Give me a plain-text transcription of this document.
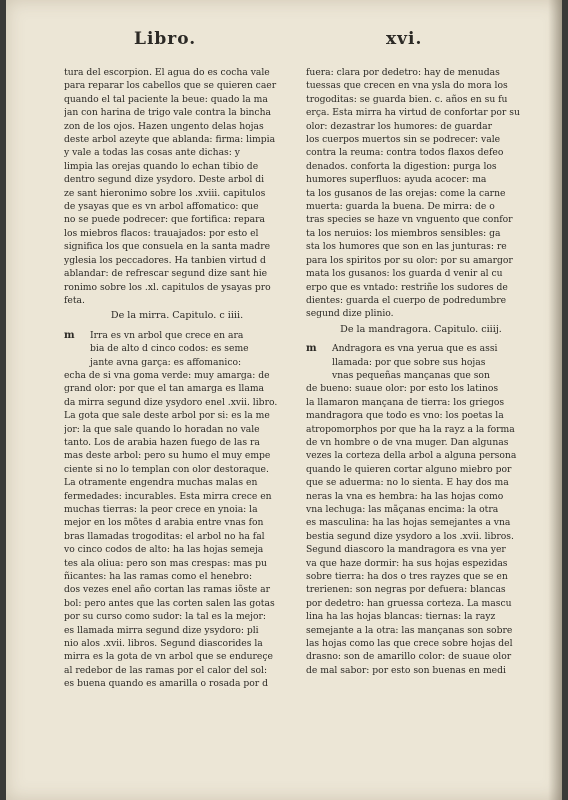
Libro.	xvi.
tura del escorpion. El agua do es cocha vale
para reparar los cabellos que se quieren caer
quando el tal paciente la beue: quado la ma
jan con harina de trigo vale contra la bincha
zon de los ojos. Hazen ungento delas hojas
deste arbol azeyte que ablanda: firma: limpia
y vale a todas las cosas ante dichas: y
limpia las orejas quando lo echan tibio de
dentro segund dize ysydoro. Deste arbol di
ze sant hieronimo sobre los .xviii. capitulos
de ysayas que es vn arbol affomatico: que
no se puede podrecer: que fortifica: repara
los miebros flacos: trauajados: por esto el
significa los que consuela en la santa madre
yglesia los peccadores. Ha tanbien virtud d
ablandar: de refrescar segund dize sant hie
ronimo sobre los .xl. capitulos de ysayas pro
feta.
De la mirra. Capitulo. c iiii.
m	Irra es vn arbol que crece en ara
bia de alto d cinco codos: es seme
jante avna garça: es affomanico:
echa de si vna goma verde: muy amarga: de
grand olor: por que el tan amarga es llama
da mirra segund dize ysydoro enel .xvii. libro.
La gota que sale deste arbol por si: es la me
jor: la que sale quando lo horadan no vale
tanto. Los de arabia hazen fuego de las ra
mas deste arbol: pero su humo el muy empe
ciente si no lo templan con olor destoraque.
La otramente engendra muchas malas en
fermedades: incurables. Esta mirra crece en
muchas tierras: la peor crece en ynoia: la
mejor en los mõtes d arabia entre vnas fon
bras llamadas trogoditas: el arbol no ha fal
vo cinco codos de alto: ha las hojas semeja
tes ala oliua: pero son mas crespas: mas pu
ñicantes: ha las ramas como el henebro:
dos vezes enel año cortan las ramas iõste ar
bol: pero antes que las corten salen las gotas
por su curso como sudor: la tal es la mejor:
es llamada mirra segund dize ysydoro: pli
nio alos .xvii. libros. Segund diascorides la
mirra es la gota de vn arbol que se endureçe
al redebor de las ramas por el calor del sol:
es buena quando es amarilla o rosada por d
fuera: clara por dedetro: hay de menudas
tuessas que crecen en vna ysla do mora los
trogoditas: se guarda bien. c. años en su fu
erça. Esta mirra ha virtud de confortar por su
olor: dezastrar los humores: de guardar
los cuerpos muertos sin se podrecer: vale
contra la reuma: contra todos flaxos defeo
denados. conforta la digestion: purga los
humores superfluos: ayuda acocer: ma
ta los gusanos de las orejas: come la carne
muerta: guarda la buena. De mirra: de o
tras species se haze vn vnguento que confor
ta los neruios: los miembros sensibles: ga
sta los humores que son en las junturas: re
para los spiritos por su olor: por su amargor
mata los gusanos: los guarda d venir al cu
erpo que es vntado: restriñe los sudores de
dientes: guarda el cuerpo de podredumbre
segund dize plinio.
De la mandragora. Capitulo. ciiij.
m	Andragora es vna yerua que es assi
llamada: por que sobre sus hojas
vnas pequeñas mançanas que son
de bueno: suaue olor: por esto los latinos
la llamaron mançana de tierra: los griegos
mandragora que todo es vno: los poetas la
atropomorphos por que ha la rayz a la forma
de vn hombre o de vna muger. Dan algunas
vezes la corteza della arbol a alguna persona
quando le quieren cortar alguno miebro por
que se aduerma: no lo sienta. E hay dos ma
neras la vna es hembra: ha las hojas como
vna lechuga: las mãçanas encima: la otra
es masculina: ha las hojas semejantes a vna
bestia segund dize ysydoro a los .xvii. libros.
Segund diascoro la mandragora es vna yer
va que haze dormir: ha sus hojas espezidas
sobre tierra: ha dos o tres rayzes que se en
trerienen: son negras por defuera: blancas
por dedetro: han gruessa corteza. La mascu
lina ha las hojas blancas: tiernas: la rayz
semejante a la otra: las mançanas son sobre
las hojas como las que crece sobre hojas del
drasno: son de amarillo color: de suaue olor
de mal sabor: por esto son buenas en medi
